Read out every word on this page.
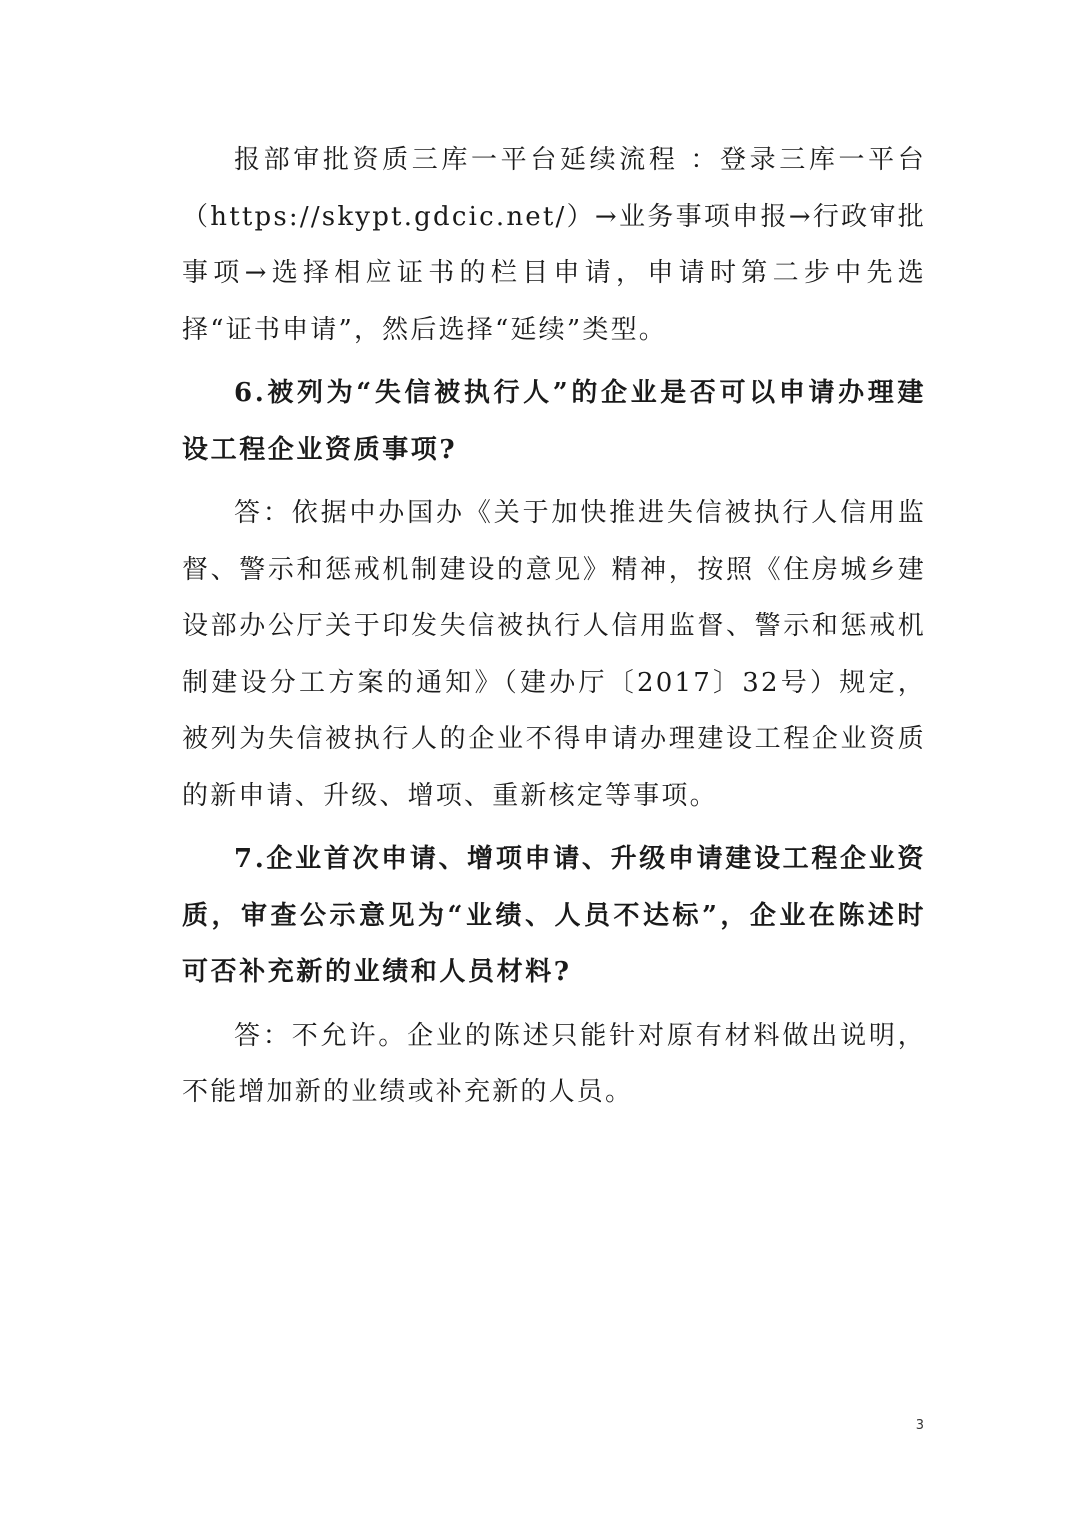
报部审批资质三库一平台延续流程 ：登录三库一平台（https://skypt.gdcic.net/）→业务事项申报→行政审批事项→选择相应证书的栏目申请，申请时第二步中先选择“证书申请”，然后选择“延续”类型。

6.被列为“失信被执行人”的企业是否可以申请办理建设工程企业资质事项?

答：依据中办国办《关于加快推进失信被执行人信用监督、警示和惩戒机制建设的意见》精神，按照《住房城乡建设部办公厅关于印发失信被执行人信用监督、警示和惩戒机制建设分工方案的通知》（建办厅〔2017〕32号）规定，被列为失信被执行人的企业不得申请办理建设工程企业资质的新申请、升级、增项、重新核定等事项。

7.企业首次申请、增项申请、升级申请建设工程企业资质，审查公示意见为“业绩、人员不达标”，企业在陈述时可否补充新的业绩和人员材料?

答：不允许。企业的陈述只能针对原有材料做出说明，不能增加新的业绩或补充新的人员。

3
